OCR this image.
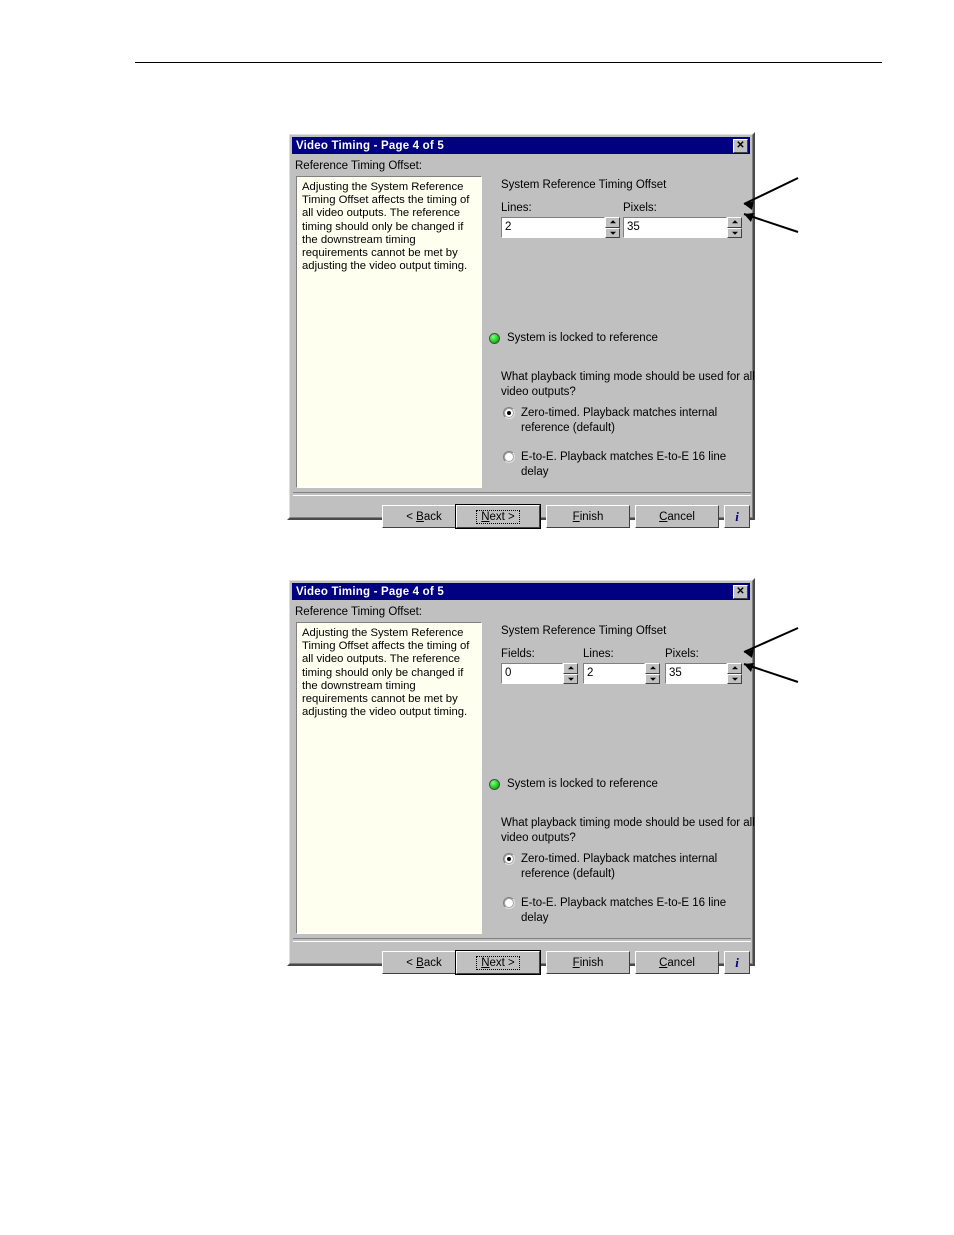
Video Timing - Page 4 of 5	✕
Reference Timing Offset:
Adjusting the System Reference Timing Offset affects the timing of all video outputs. The reference timing should only be changed if the downstream timing requirements cannot be met by adjusting the video output timing.
System Reference Timing Offset
Lines:
2
Pixels:
35
System is locked to reference
What playback timing mode should be used for all video outputs?
Zero-timed. Playback matches internal reference (default)
E-to-E. Playback matches E-to-E 16 line delay
< Back	Next >	Finish	Cancel	i
Video Timing - Page 4 of 5	✕
Reference Timing Offset:
Adjusting the System Reference Timing Offset affects the timing of all video outputs. The reference timing should only be changed if the downstream timing requirements cannot be met by adjusting the video output timing.
System Reference Timing Offset
Fields:
0
Lines:
2
Pixels:
35
System is locked to reference
What playback timing mode should be used for all video outputs?
Zero-timed. Playback matches internal reference (default)
E-to-E. Playback matches E-to-E 16 line delay
< Back	Next >	Finish	Cancel	i
